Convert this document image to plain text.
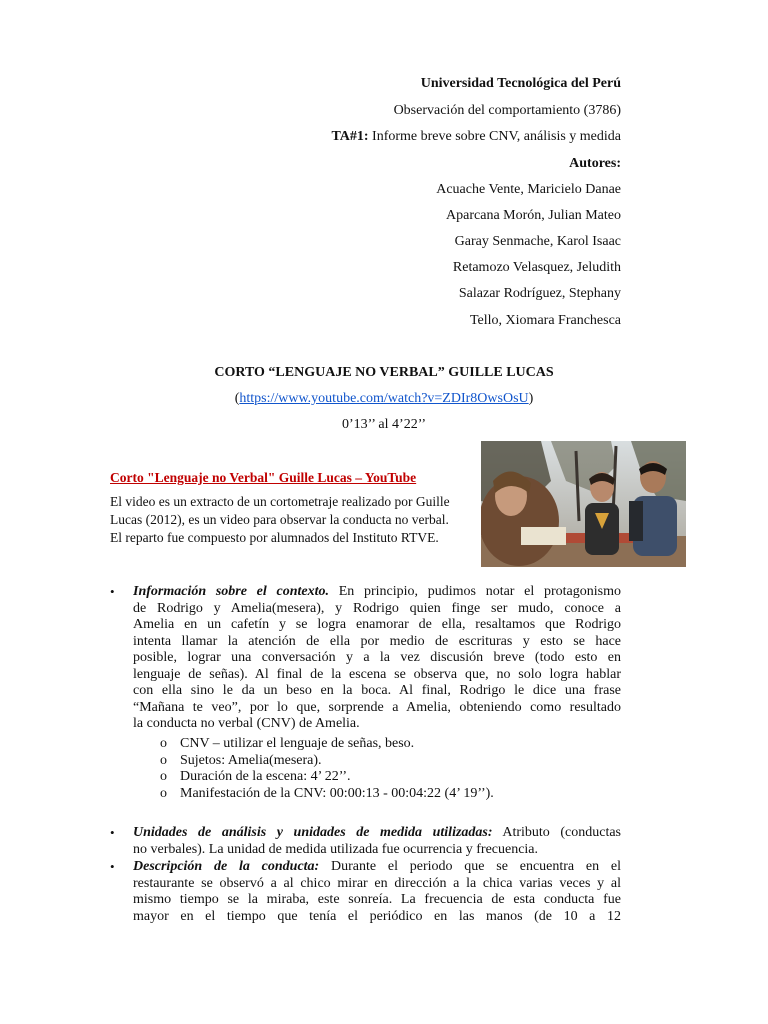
Universidad Tecnológica del Perú
Observación del comportamiento (3786)
TA#1: Informe breve sobre CNV, análisis y medida
Autores:
Acuache Vente, Maricielo Danae
Aparcana Morón, Julian Mateo
Garay Senmache, Karol Isaac
Retamozo Velasquez, Jeludith
Salazar Rodríguez, Stephany
Tello, Xiomara Franchesca
CORTO “LENGUAJE NO VERBAL” GUILLE LUCAS
(https://www.youtube.com/watch?v=ZDIr8OwsOsU)
0’13’’ al 4’22’’
Corto "Lenguaje no Verbal" Guille Lucas – YouTube
El video es un extracto de un cortometraje realizado por Guille
Lucas (2012), es un video para observar la conducta no verbal.
El reparto fue compuesto por alumnados del Instituto RTVE.
• Información sobre el contexto. En principio, pudimos notar el protagonismo
de Rodrigo y Amelia(mesera), y Rodrigo quien finge ser mudo, conoce a
Amelia en un cafetín y se logra enamorar de ella, resaltamos que Rodrigo
intenta llamar la atención de ella por medio de escrituras y esto se hace
posible, lograr una conversación y a la vez discusión breve (todo esto en
lenguaje de señas). Al final de la escena se observa que, no solo logra hablar
con ella sino le da un beso en la boca. Al final, Rodrigo le dice una frase
“Mañana te veo”, por lo que, sorprende a Amelia, obteniendo como resultado
la conducta no verbal (CNV) de Amelia.
o CNV – utilizar el lenguaje de señas, beso.
o Sujetos: Amelia(mesera).
o Duración de la escena: 4’ 22’’.
o Manifestación de la CNV: 00:00:13 - 00:04:22 (4’ 19’’).
• Unidades de análisis y unidades de medida utilizadas: Atributo (conductas
no verbales). La unidad de medida utilizada fue ocurrencia y frecuencia.
• Descripción de la conducta: Durante el periodo que se encuentra en el
restaurante se observó a al chico mirar en dirección a la chica varias veces y al
mismo tiempo se la miraba, este sonreía. La frecuencia de esta conducta fue
mayor en el tiempo que tenía el periódico en las manos (de 10 a 12
